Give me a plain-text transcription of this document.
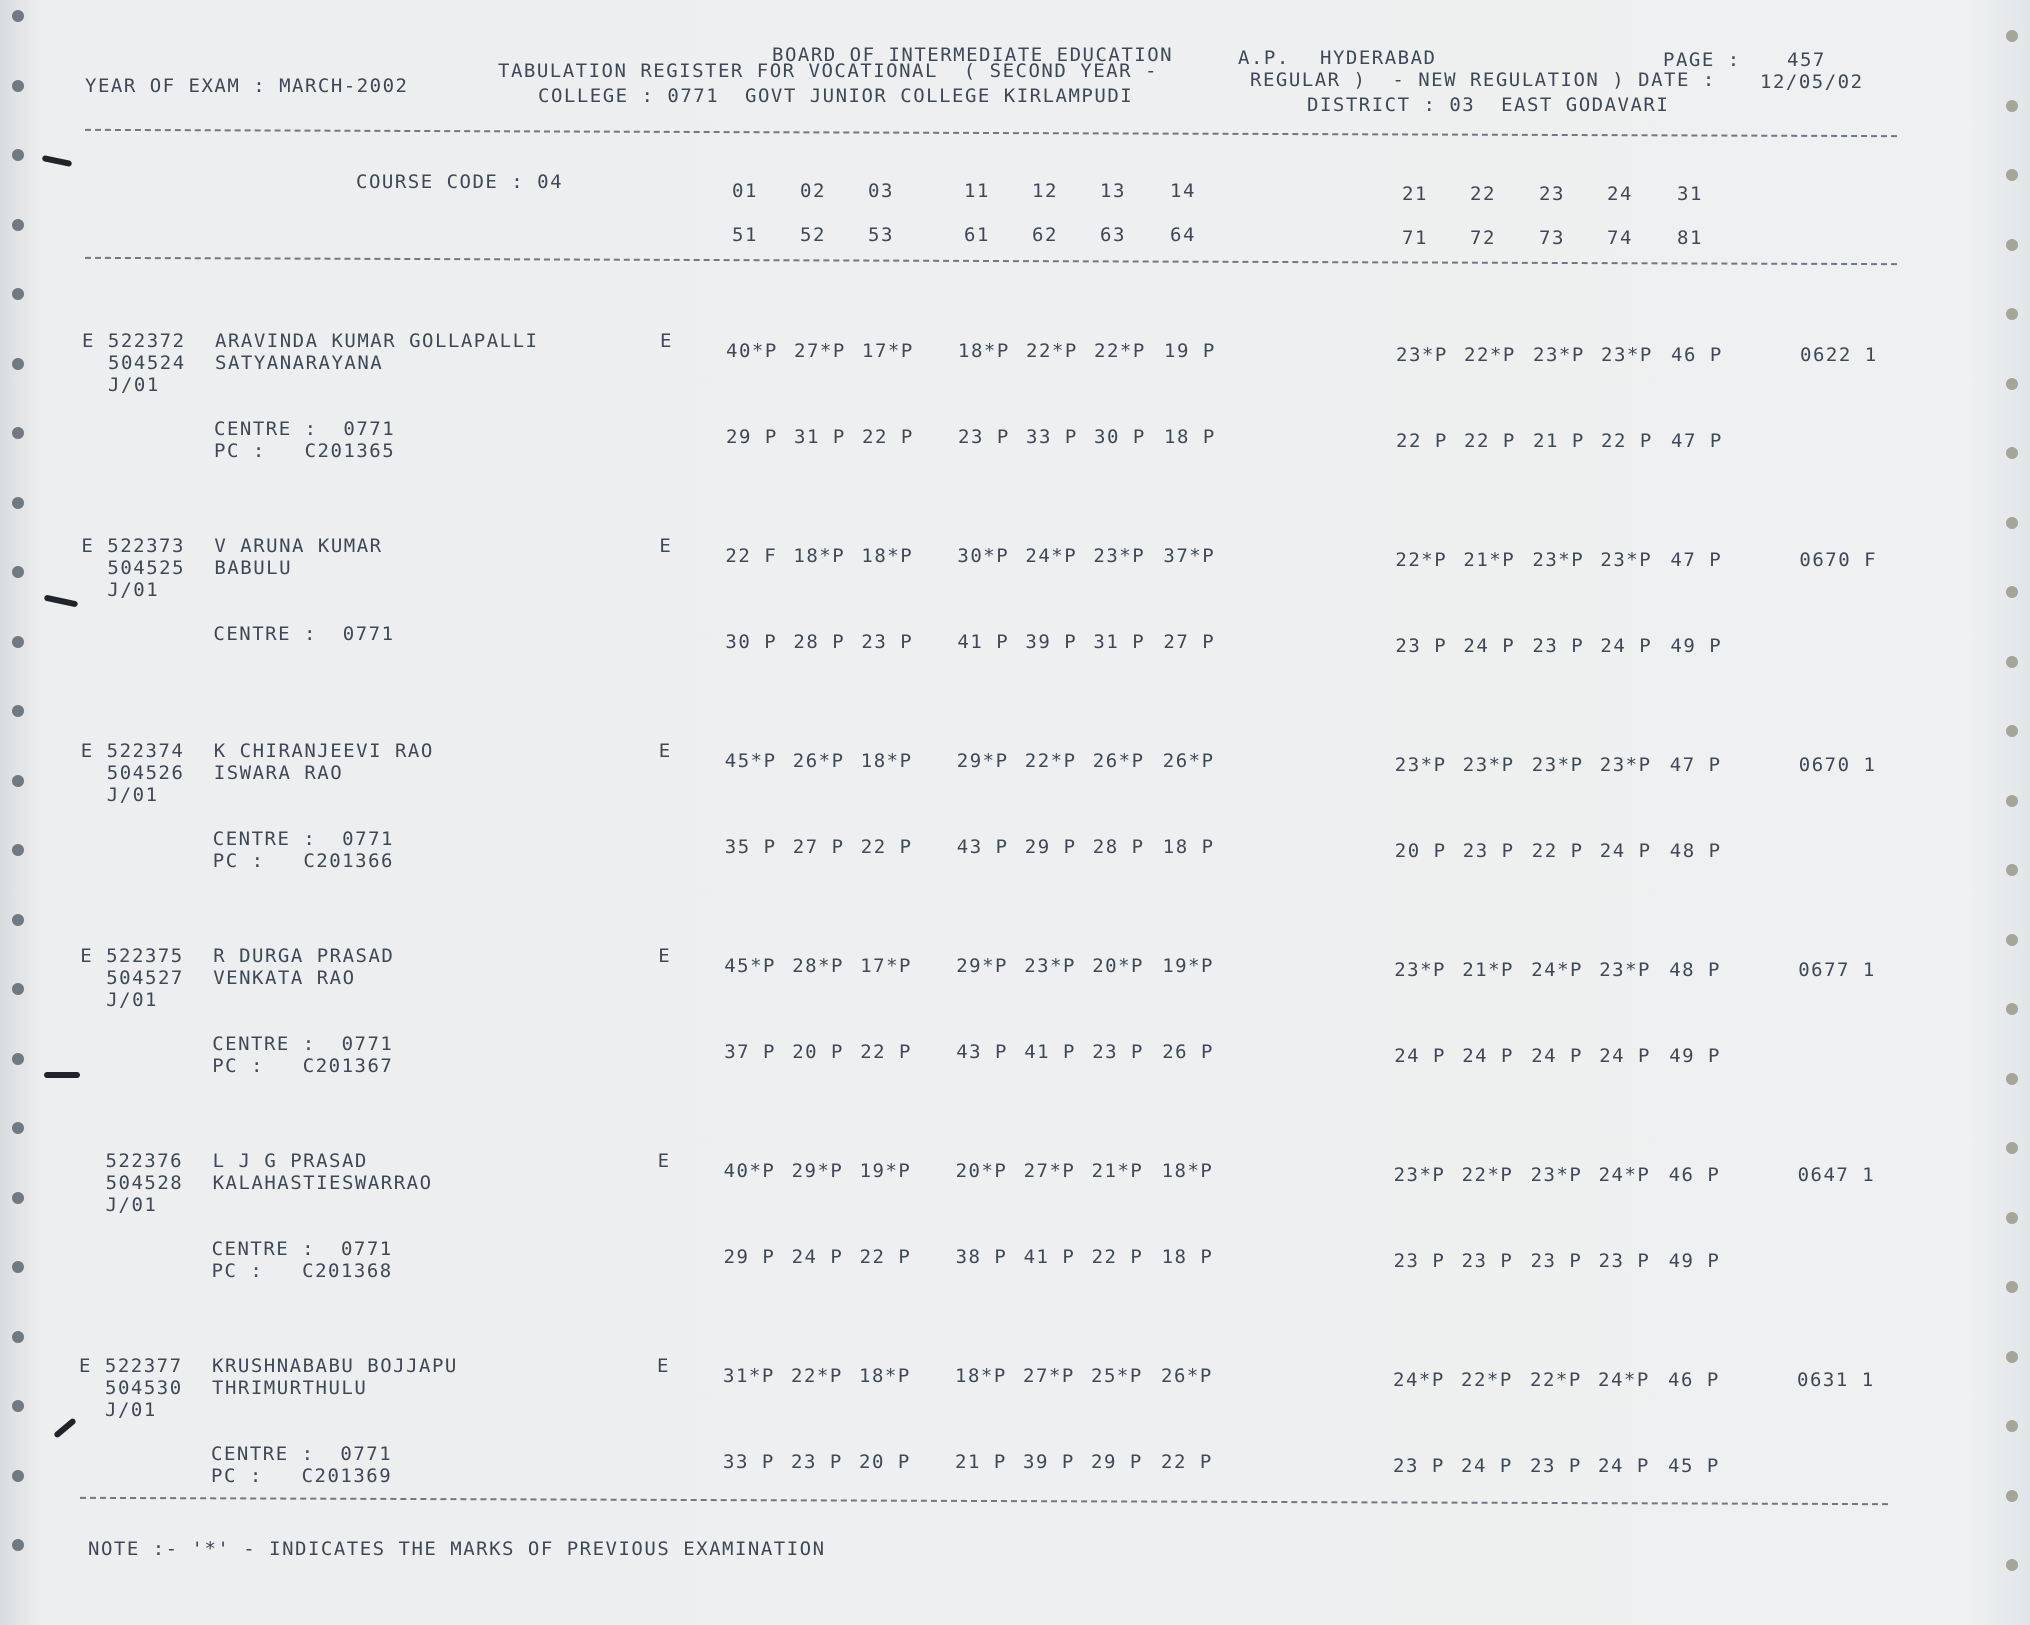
YEAR OF EXAM : MARCH-2002
BOARD OF INTERMEDIATE EDUCATION	A.P. HYDERABAD	PAGE : 457
TABULATION REGISTER FOR VOCATIONAL  ( SECOND YEAR -	REGULAR )  - NEW REGULATION ) DATE : 12/05/02
COLLEGE : 0771  GOVT JUNIOR COLLEGE KIRLAMPUDI	DISTRICT : 03  EAST GODAVARI
COURSE CODE : 04	01 02 03	11 12 13 14	21 22 23 24 31
51 52 53	61 62 63 64	71 72 73 74 81
E 522372 ARAVINDA KUMAR GOLLAPALLI
504524 SATYANARAYANA
J/01
E	40*P 27*P 17*P 18*P 22*P 22*P 19 P	23*P 22*P 23*P 23*P 46 P	0622 1
CENTRE :  0771
PC :   C201365
29 P 31 P 22 P 23 P 33 P 30 P 18 P	22 P 22 P 21 P 22 P 47 P
E 522373 V ARUNA KUMAR
504525 BABULU
J/01
E	22 F 18*P 18*P 30*P 24*P 23*P 37*P	22*P 21*P 23*P 23*P 47 P	0670 F
CENTRE :  0771	30 P 28 P 23 P 41 P 39 P 31 P 27 P	23 P 24 P 23 P 24 P 49 P
E 522374 K CHIRANJEEVI RAO
504526 ISWARA RAO
J/01
E	45*P 26*P 18*P 29*P 22*P 26*P 26*P	23*P 23*P 23*P 23*P 47 P	0670 1
CENTRE :  0771
PC :   C201366
35 P 27 P 22 P 43 P 29 P 28 P 18 P	20 P 23 P 22 P 24 P 48 P
E 522375 R DURGA PRASAD
504527 VENKATA RAO
J/01
E	45*P 28*P 17*P 29*P 23*P 20*P 19*P	23*P 21*P 24*P 23*P 48 P	0677 1
CENTRE :  0771
PC :   C201367
37 P 20 P 22 P 43 P 41 P 23 P 26 P	24 P 24 P 24 P 24 P 49 P
522376 L J G PRASAD
504528 KALAHASTIESWARRAO
J/01
E	40*P 29*P 19*P 20*P 27*P 21*P 18*P	23*P 22*P 23*P 24*P 46 P	0647 1
CENTRE :  0771
PC :   C201368
29 P 24 P 22 P 38 P 41 P 22 P 18 P	23 P 23 P 23 P 23 P 49 P
E 522377 KRUSHNABABU BOJJAPU
504530 THRIMURTHULU
J/01
E	31*P 22*P 18*P 18*P 27*P 25*P 26*P	24*P 22*P 22*P 24*P 46 P	0631 1
CENTRE :  0771
PC :   C201369
33 P 23 P 20 P 21 P 39 P 29 P 22 P	23 P 24 P 23 P 24 P 45 P
NOTE :- '*' - INDICATES THE MARKS OF PREVIOUS EXAMINATION
